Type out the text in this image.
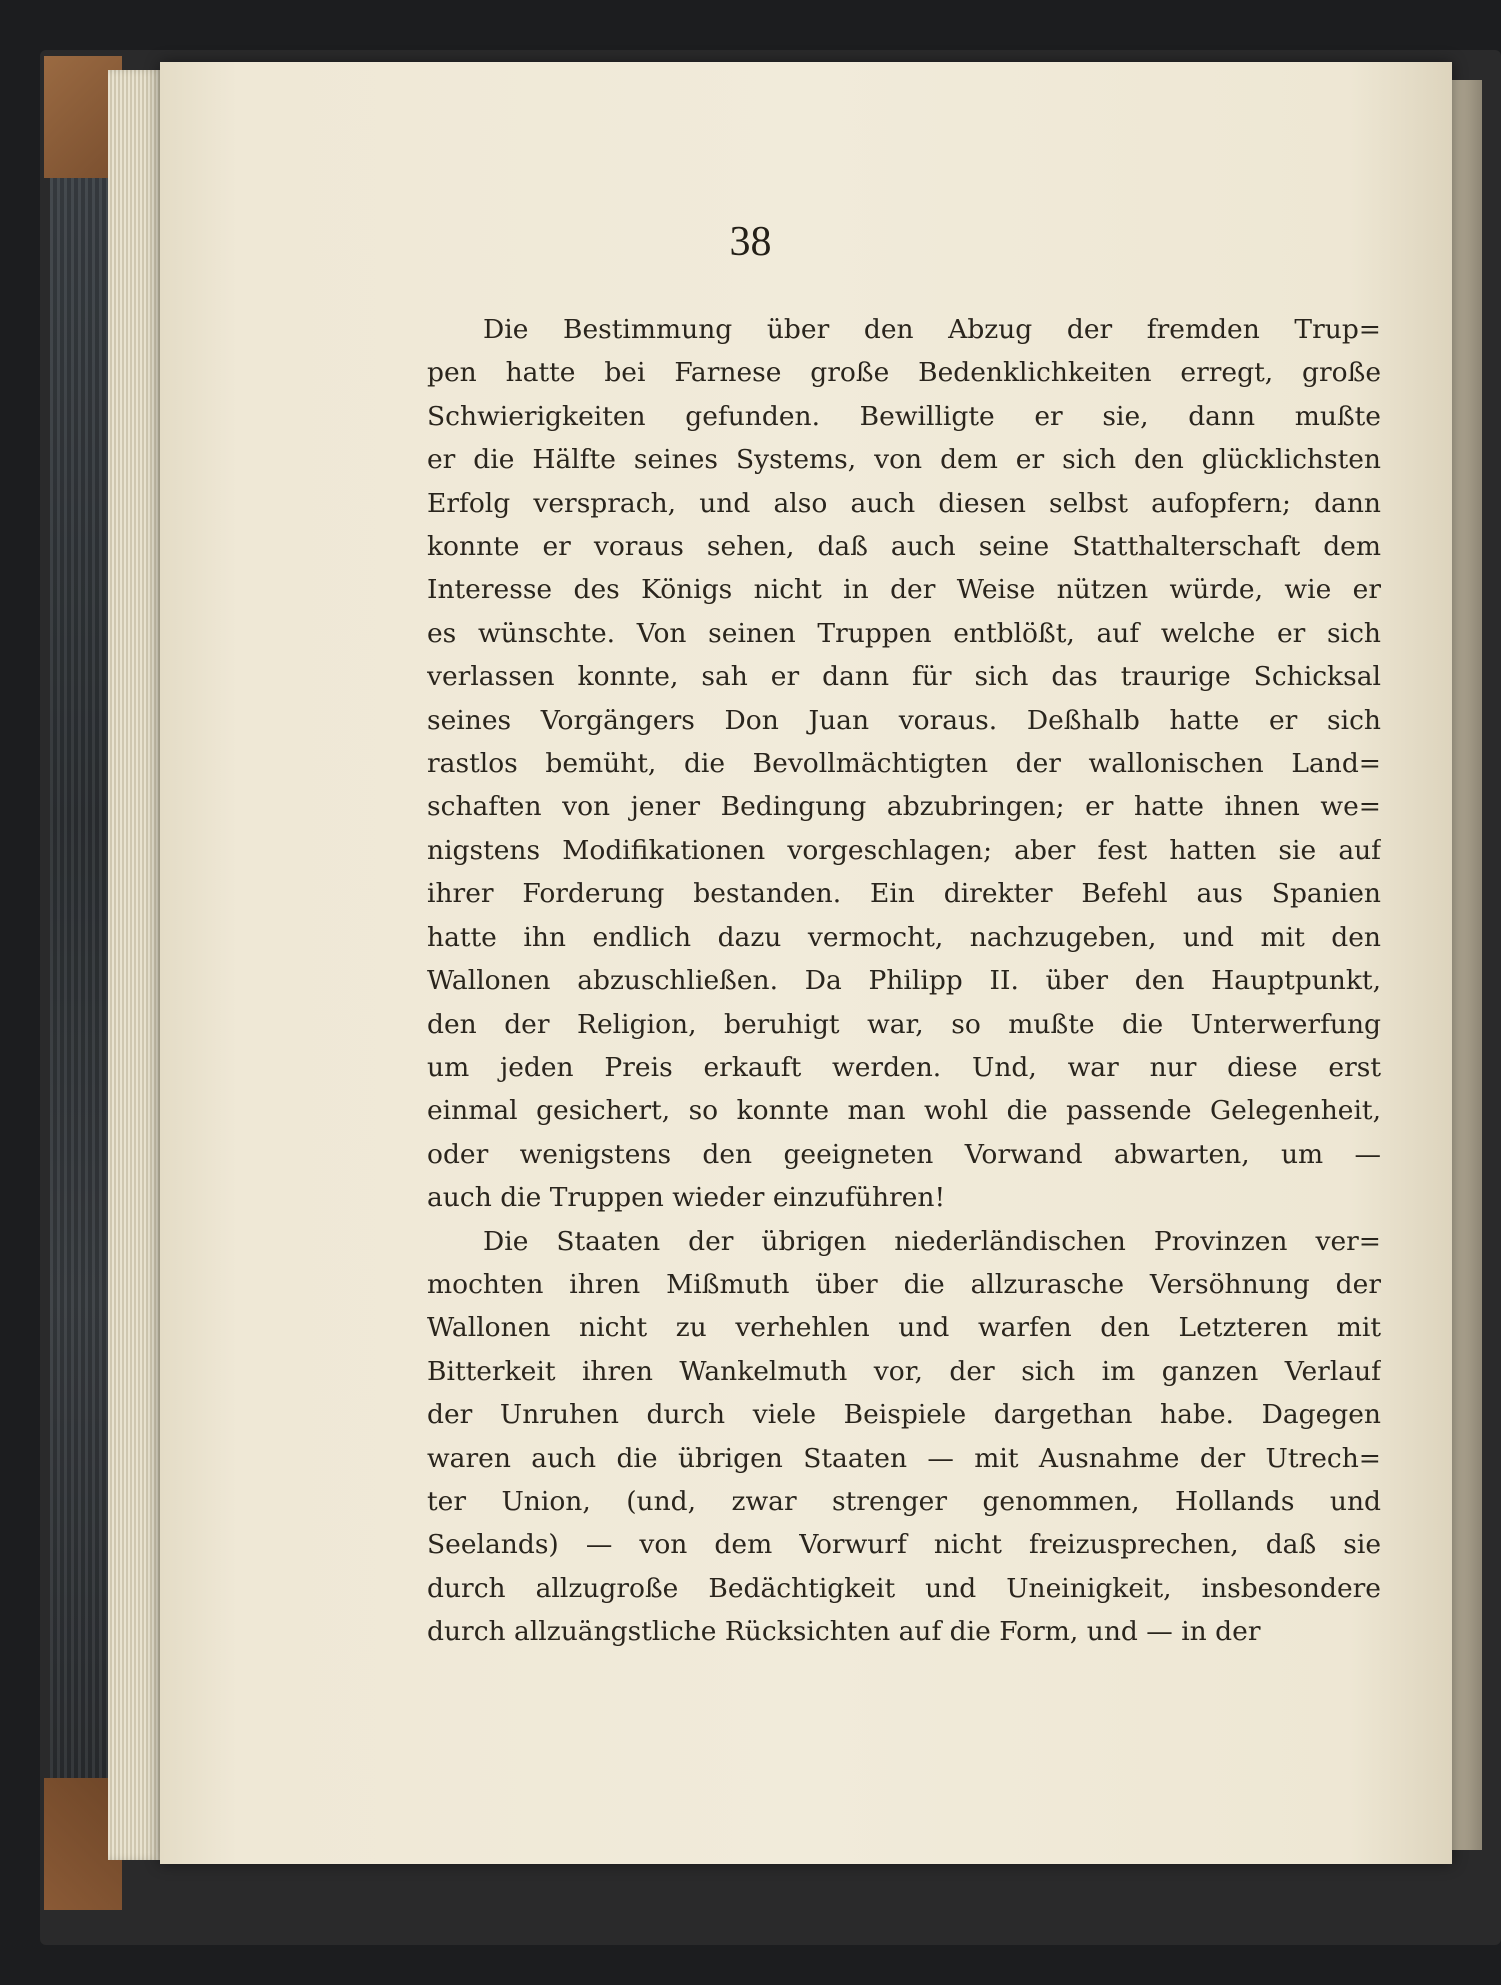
38
Die Bestimmung über den Abzug der fremden Trup=
pen hatte bei Farnese große Bedenklichkeiten erregt, große
Schwierigkeiten gefunden. Bewilligte er sie, dann mußte
er die Hälfte seines Systems, von dem er sich den glücklichsten
Erfolg versprach, und also auch diesen selbst aufopfern; dann
konnte er voraus sehen, daß auch seine Statthalterschaft dem
Interesse des Königs nicht in der Weise nützen würde, wie er
es wünschte. Von seinen Truppen entblößt, auf welche er sich
verlassen konnte, sah er dann für sich das traurige Schicksal
seines Vorgängers Don Juan voraus. Deßhalb hatte er sich
rastlos bemüht, die Bevollmächtigten der wallonischen Land=
schaften von jener Bedingung abzubringen; er hatte ihnen we=
nigstens Modifikationen vorgeschlagen; aber fest hatten sie auf
ihrer Forderung bestanden. Ein direkter Befehl aus Spanien
hatte ihn endlich dazu vermocht, nachzugeben, und mit den
Wallonen abzuschließen. Da Philipp II. über den Hauptpunkt,
den der Religion, beruhigt war, so mußte die Unterwerfung
um jeden Preis erkauft werden. Und, war nur diese erst
einmal gesichert, so konnte man wohl die passende Gelegenheit,
oder wenigstens den geeigneten Vorwand abwarten, um —
auch die Truppen wieder einzuführen!
Die Staaten der übrigen niederländischen Provinzen ver=
mochten ihren Mißmuth über die allzurasche Versöhnung der
Wallonen nicht zu verhehlen und warfen den Letzteren mit
Bitterkeit ihren Wankelmuth vor, der sich im ganzen Verlauf
der Unruhen durch viele Beispiele dargethan habe. Dagegen
waren auch die übrigen Staaten — mit Ausnahme der Utrech=
ter Union, (und, zwar strenger genommen, Hollands und
Seelands) — von dem Vorwurf nicht freizusprechen, daß sie
durch allzugroße Bedächtigkeit und Uneinigkeit, insbesondere
durch allzuängstliche Rücksichten auf die Form, und — in der
